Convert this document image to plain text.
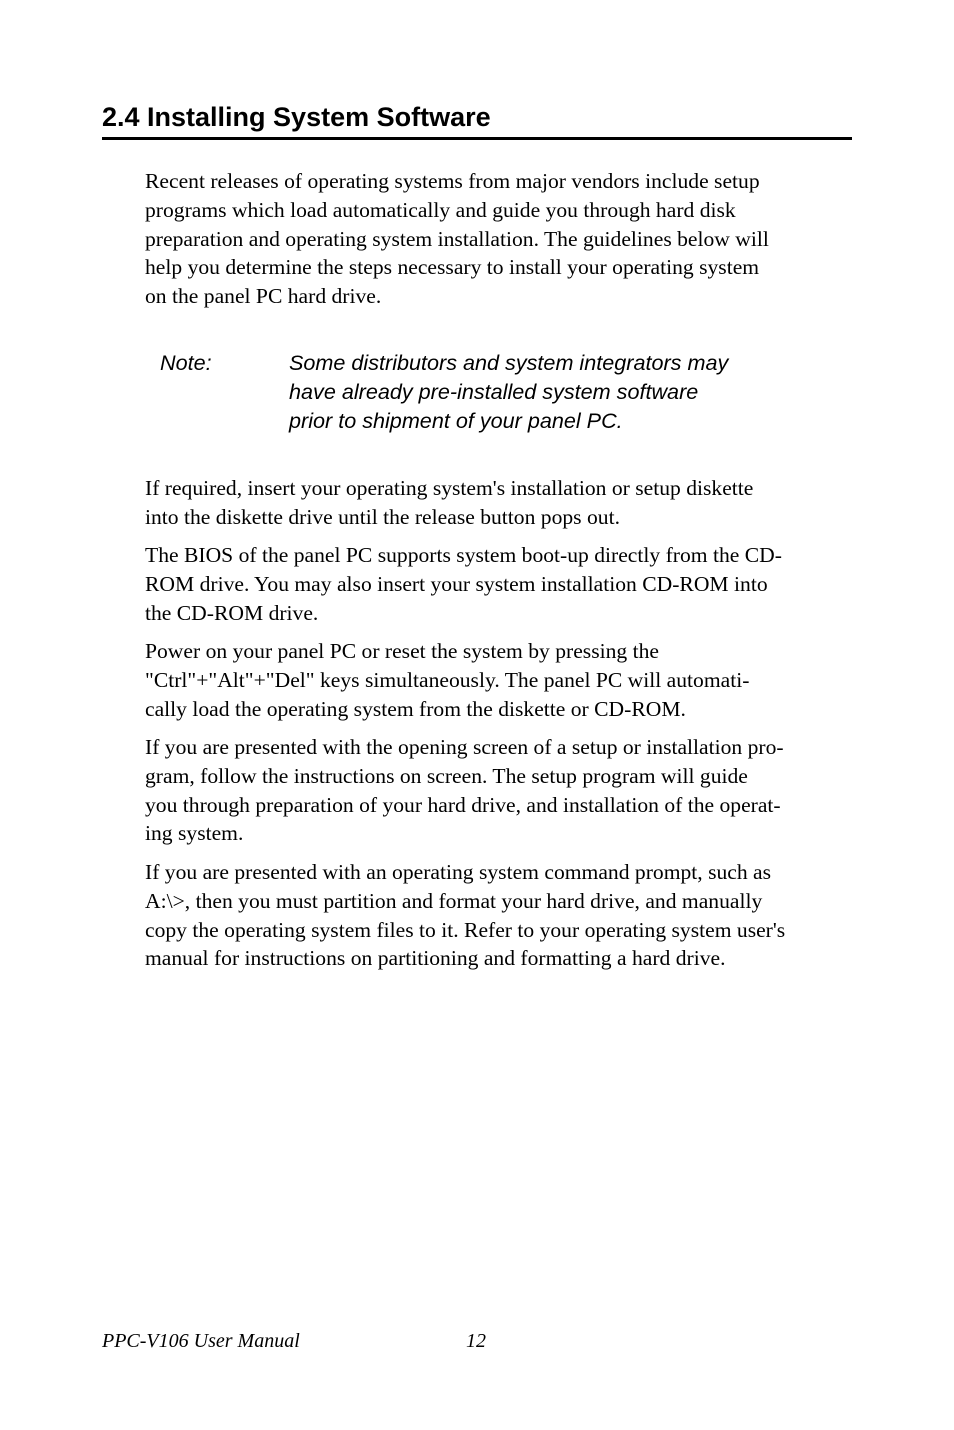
2.4 Installing System Software
Recent releases of operating systems from major vendors include setup
programs which load automatically and guide you through hard disk
preparation and operating system installation. The guidelines below will
help you determine the steps necessary to install your operating system
on the panel PC hard drive.
Note:	Some distributors and system integrators may
have already pre-installed system software
prior to shipment of your panel PC.
If required, insert your operating system's installation or setup diskette
into the diskette drive until the release button pops out.
The BIOS of the panel PC supports system boot-up directly from the CD-
ROM drive. You may also insert your system installation CD-ROM into
the CD-ROM drive.
Power on your panel PC or reset the system by pressing the
"Ctrl"+"Alt"+"Del" keys simultaneously. The panel PC will automati-
cally load the operating system from the diskette or CD-ROM.
If you are presented with the opening screen of a setup or installation pro-
gram, follow the instructions on screen. The setup program will guide
you through preparation of your hard drive, and installation of the operat-
ing system.
If you are presented with an operating system command prompt, such as
A:\>, then you must partition and format your hard drive, and manually
copy the operating system files to it. Refer to your operating system user's
manual for instructions on partitioning and formatting a hard drive.
PPC-V106 User Manual	12
